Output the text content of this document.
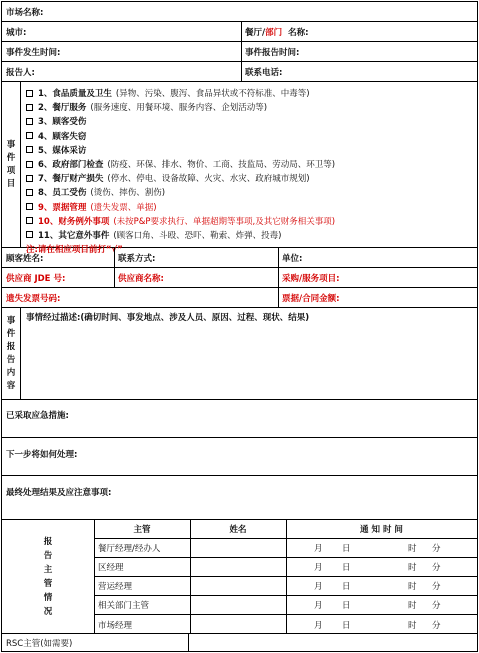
市场名称:
城市:	餐厅/ 部门 名称:
事件发生时间:	事件报告时间:
报告人:	联系电话:
事
件
项
目
1、食品质量及卫生 (异物、污染、腹泻、食品异状或不符标准、中毒等)
2、餐厅服务 (服务速度、用餐环境、服务内容、企划活动等)
3、顾客受伤
4、顾客失窃
5、媒体采访
6、政府部门检查 (防疫、环保、排水、物价、工商、技监局、劳动局、环卫等)
7、餐厅财产损失 (停水、停电、设备故障、火灾、水灾、政府城市规划)
8、员工受伤 (烫伤、摔伤、割伤)
9、票据管理 (遗失发票、单据)
10、财务例外事项 (未按P&P要求执行、单据超期等事项,及其它财务相关事项)
11、其它意外事件 (顾客口角、斗殴、恐吓、勒索、炸弹、投毒)
注:请在相应项目前打“√”
顾客姓名:	联系方式:	单位:
供应商 JDE 号:	供应商名称:	采购/服务项目:
遗失发票号码:	票据/合同金额:
事
件
报
告
内
容
事情经过描述:(确切时间、事发地点、涉及人员、原因、过程、现状、结果)
已采取应急措施:
下一步将如何处理:
最终处理结果及应注意事项:
报
告
主
管
情
况
主管	姓名	通 知 时 间
餐厅经理/经办人	月	日	时	分
区经理	月	日	时	分
营运经理	月	日	时	分
相关部门主管	月	日	时	分
市场经理	月	日	时	分
RSC主管(如需要)
